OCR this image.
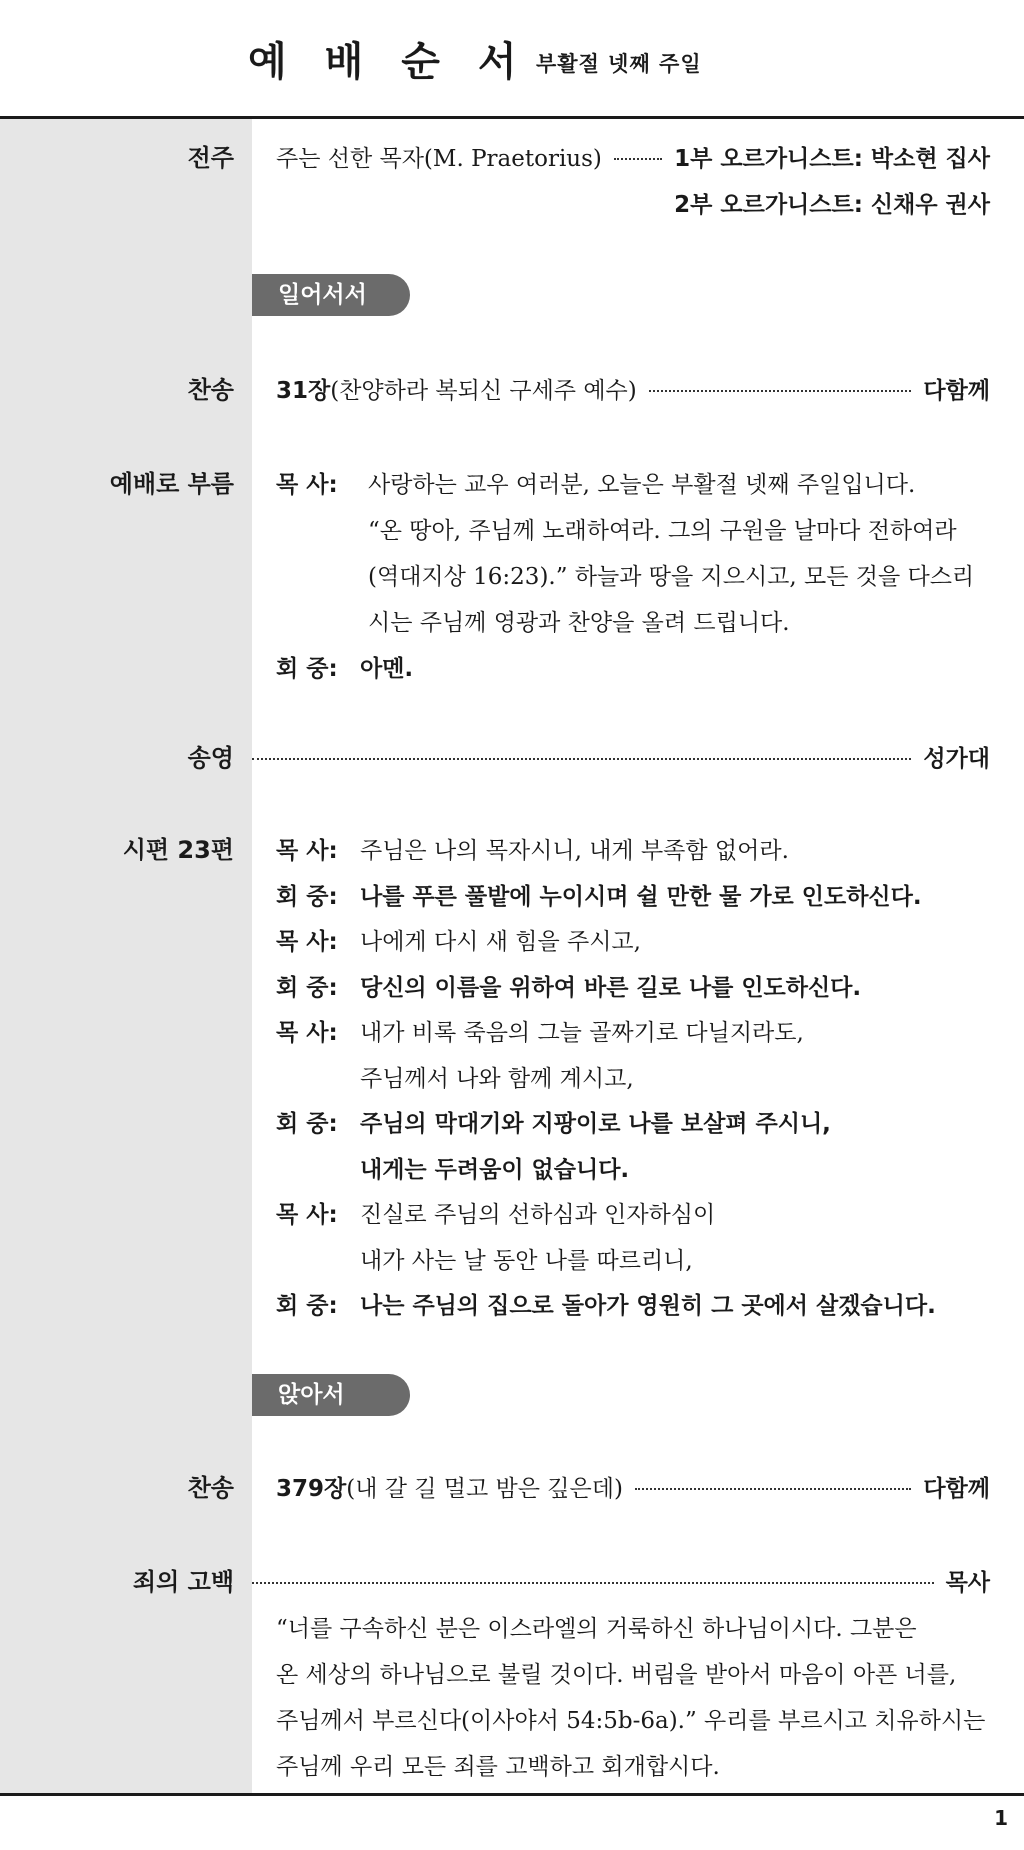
예배순서
부활절 넷째 주일
전주 주는 선한 목자(M. Praetorius)	1부 오르가니스트: 박소현 집사
2부 오르가니스트: 신채우 권사
일어서서
찬송 31장 (찬양하라 복되신 구세주 예수)	다함께
예배로 부름 목 사:	사랑하는 교우 여러분, 오늘은 부활절 넷째 주일입니다.
“온 땅아, 주님께 노래하여라. 그의 구원을 날마다 전하여라
(역대지상 16:23).” 하늘과 땅을 지으시고, 모든 것을 다스리
시는 주님께 영광과 찬양을 올려 드립니다.
회 중: 아멘.
송영	성가대
시편 23편 목 사: 주님은 나의 목자시니, 내게 부족함 없어라.
회 중: 나를 푸른 풀밭에 누이시며 쉴 만한 물 가로 인도하신다.
목 사: 나에게 다시 새 힘을 주시고,
회 중: 당신의 이름을 위하여 바른 길로 나를 인도하신다.
목 사: 내가 비록 죽음의 그늘 골짜기로 다닐지라도,
주님께서 나와 함께 계시고,
회 중: 주님의 막대기와 지팡이로 나를 보살펴 주시니,
내게는 두려움이 없습니다.
목 사: 진실로 주님의 선하심과 인자하심이
내가 사는 날 동안 나를 따르리니,
회 중: 나는 주님의 집으로 돌아가 영원히 그 곳에서 살겠습니다.
앉아서
찬송 379장 (내 갈 길 멀고 밤은 깊은데)	다함께
죄의 고백	목사
“너를 구속하신 분은 이스라엘의 거룩하신 하나님이시다. 그분은
온 세상의 하나님으로 불릴 것이다. 버림을 받아서 마음이 아픈 너를,
주님께서 부르신다(이사야서 54:5b-6a).” 우리를 부르시고 치유하시는
주님께 우리 모든 죄를 고백하고 회개합시다.
1
